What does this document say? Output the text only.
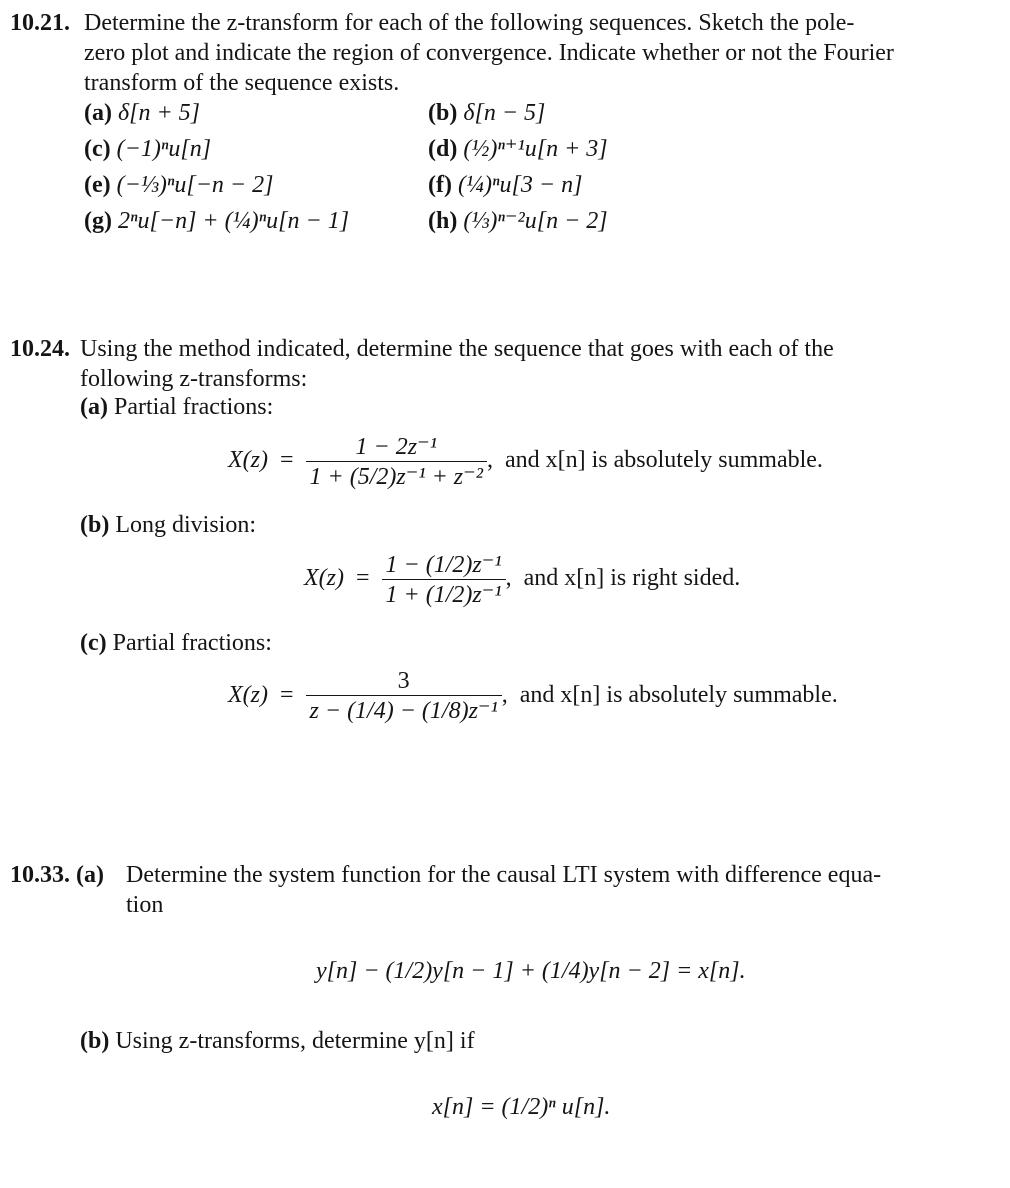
10.21. Determine the z-transform for each of the following sequences. Sketch the pole-
zero plot and indicate the region of convergence. Indicate whether or not the Fourier
transform of the sequence exists.
(a) δ[n + 5]
(c) (−1)ⁿu[n]
(e) (−⅓)ⁿu[−n − 2]
(g) 2ⁿu[−n] + (¼)ⁿu[n − 1]
(b) δ[n − 5]
(d) (½)ⁿ⁺¹u[n + 3]
(f) (¼)ⁿu[3 − n]
(h) (⅓)ⁿ⁻²u[n − 2]
10.24. Using the method indicated, determine the sequence that goes with each of the
following z-transforms:
(a) Partial fractions:
$X(z) = \frac{\text{1 − 2z⁻¹}}{\text{1 + (5/2)z⁻¹ + z⁻²}}$ ,  and x[n] is absolutely summable.
(b) Long division:
$X(z) = \frac{\text{1 − (1/2)z⁻¹}}{\text{1 + (1/2)z⁻¹}}$ ,  and x[n] is right sided.
(c) Partial fractions:
$X(z) = \frac{3}{\text{z − (1/4) − (1/8)z⁻¹}}$ ,  and x[n] is absolutely summable.
10.33. (a) Determine the system function for the causal LTI system with difference equa-
tion
y[n] − (1/2)y[n − 1] + (1/4)y[n − 2] = x[n].
(b) Using z-transforms, determine y[n] if
x[n] = (1/2)ⁿ u[n].
